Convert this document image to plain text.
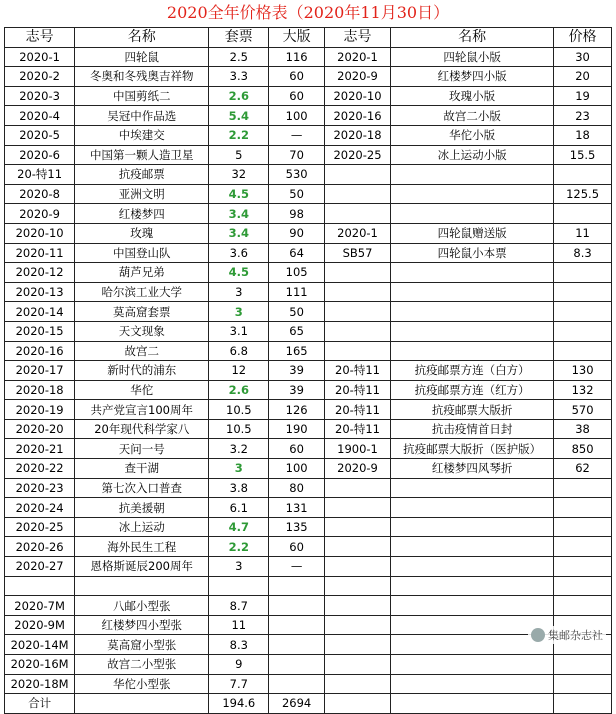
2020全年价格表（2020年11月30日）
志号	名称	套票	大版	志号	名称	价格
2020-1	四轮鼠	2.5	116	2020-1	四轮鼠小版	30
2020-2	冬奥和冬残奥吉祥物	3.3	60	2020-9	红楼梦四小版	20
2020-3	中国剪纸二	2.6	60	2020-10	玫瑰小版	19
2020-4	吴冠中作品选	5.4	100	2020-16	故宫二小版	23
2020-5	中埃建交	2.2	—	2020-18	华佗小版	18
2020-6	中国第一颗人造卫星	5	70	2020-25	冰上运动小版	15.5
20-特11	抗疫邮票	32	530			
2020-8	亚洲文明	4.5	50			125.5
2020-9	红楼梦四	3.4	98			
2020-10	玫瑰	3.4	90	2020-1	四轮鼠赠送版	11
2020-11	中国登山队	3.6	64	SB57	四轮鼠小本票	8.3
2020-12	葫芦兄弟	4.5	105			
2020-13	哈尔滨工业大学	3	111			
2020-14	莫高窟套票	3	50			
2020-15	天文现象	3.1	65			
2020-16	故宫二	6.8	165			
2020-17	新时代的浦东	12	39	20-特11	抗疫邮票方连（白方）	130
2020-18	华佗	2.6	39	20-特11	抗疫邮票方连（红方）	132
2020-19	共产党宣言100周年	10.5	126	20-特11	抗疫邮票大版折	570
2020-20	20年现代科学家八	10.5	190	20-特11	抗击疫情首日封	38
2020-21	天问一号	3.2	60	1900-1	抗疫邮票大版折（医护版）	850
2020-22	查干湖	3	100	2020-9	红楼梦四风琴折	62
2020-23	第七次入口普查	3.8	80			
2020-24	抗美援朝	6.1	131			
2020-25	冰上运动	4.7	135			
2020-26	海外民生工程	2.2	60			
2020-27	恩格斯诞辰200周年	3	—			

2020-7M	八邮小型张	8.7				
2020-9M	红楼梦四小型张	11				
2020-14M	莫高窟小型张	8.3				
2020-16M	故宫二小型张	9				
2020-18M	华佗小型张	7.7				
合计		194.6	2694			
集邮杂志社
